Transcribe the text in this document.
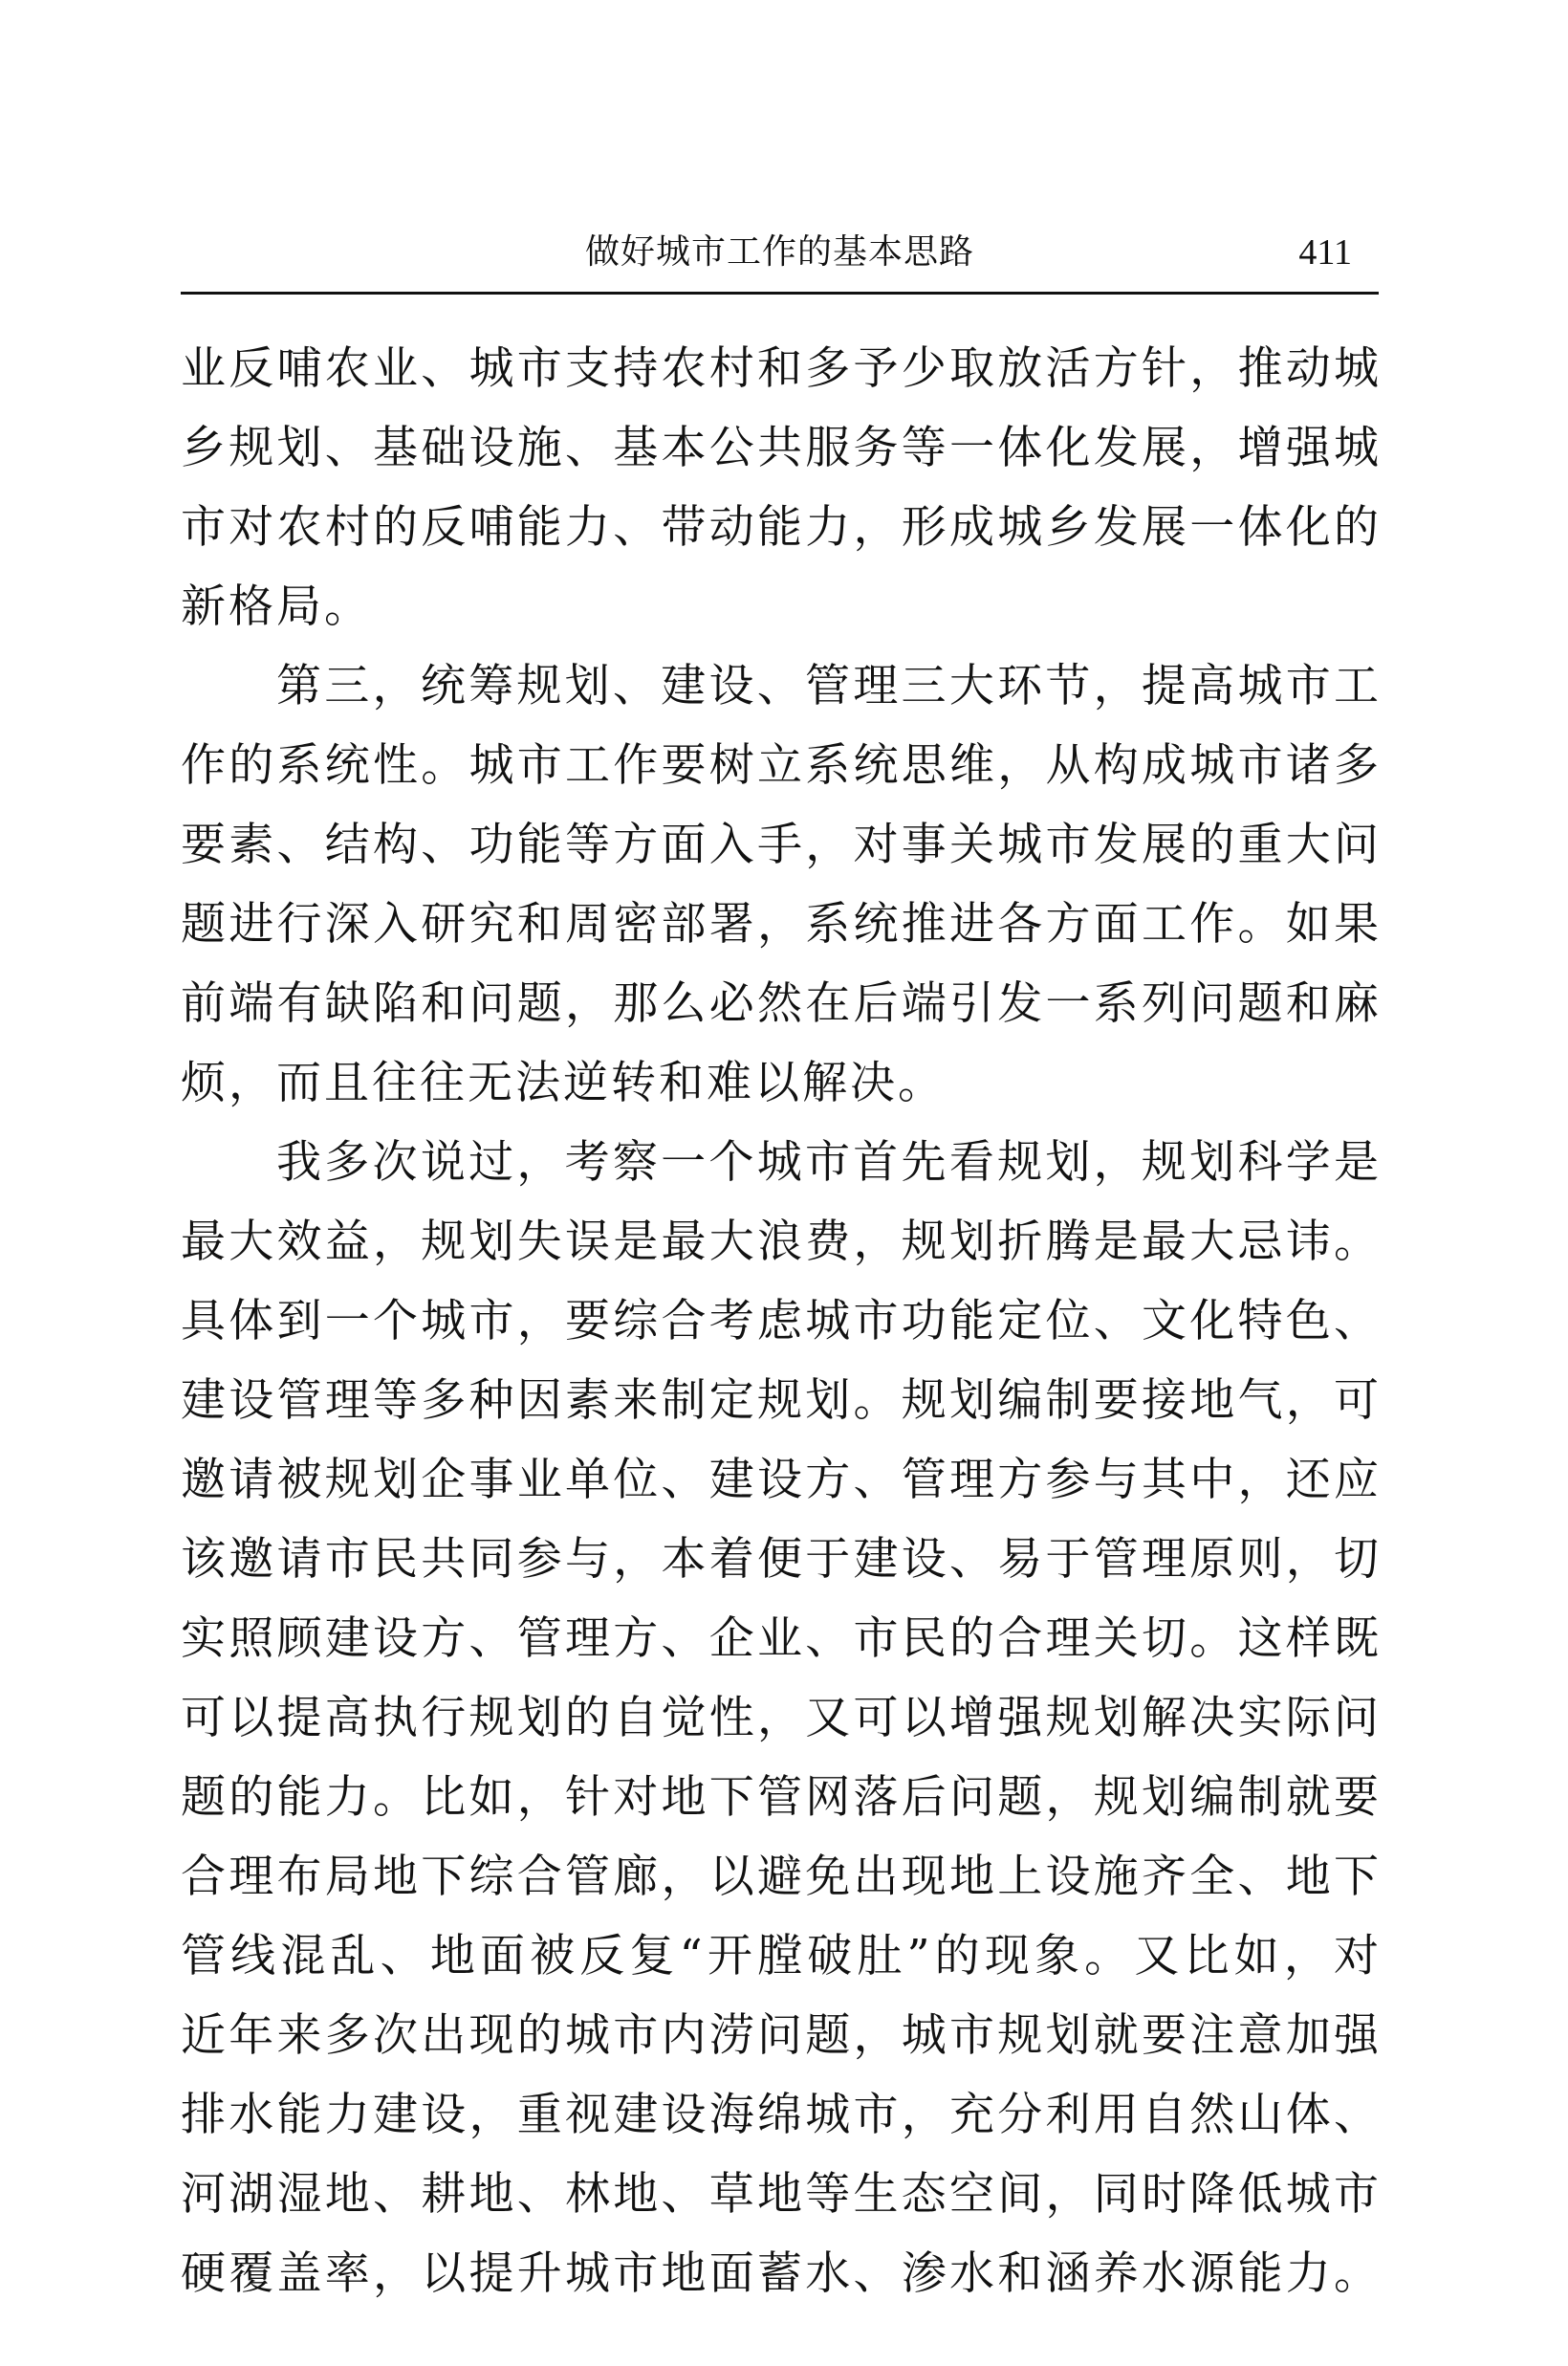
做好城市工作的基本思路	411
业反哺农业、城市支持农村和多予少取放活方针，推动城
乡规划、基础设施、基本公共服务等一体化发展，增强城
市对农村的反哺能力、带动能力，形成城乡发展一体化的
新格局。
第三，统筹规划、建设、管理三大环节，提高城市工
作的系统性。城市工作要树立系统思维，从构成城市诸多
要素、结构、功能等方面入手，对事关城市发展的重大问
题进行深入研究和周密部署，系统推进各方面工作。如果
前端有缺陷和问题，那么必然在后端引发一系列问题和麻
烦，而且往往无法逆转和难以解决。
我多次说过，考察一个城市首先看规划，规划科学是
最大效益，规划失误是最大浪费，规划折腾是最大忌讳。
具体到一个城市，要综合考虑城市功能定位、文化特色、
建设管理等多种因素来制定规划。规划编制要接地气，可
邀请被规划企事业单位、建设方、管理方参与其中，还应
该邀请市民共同参与，本着便于建设、易于管理原则，切
实照顾建设方、管理方、企业、市民的合理关切。这样既
可以提高执行规划的自觉性，又可以增强规划解决实际问
题的能力。比如，针对地下管网落后问题，规划编制就要
合理布局地下综合管廊，以避免出现地上设施齐全、地下
管线混乱、地面被反复“开膛破肚”的现象。又比如，对
近年来多次出现的城市内涝问题，城市规划就要注意加强
排水能力建设，重视建设海绵城市，充分利用自然山体、
河湖湿地、耕地、林地、草地等生态空间，同时降低城市
硬覆盖率，以提升城市地面蓄水、渗水和涵养水源能力。
